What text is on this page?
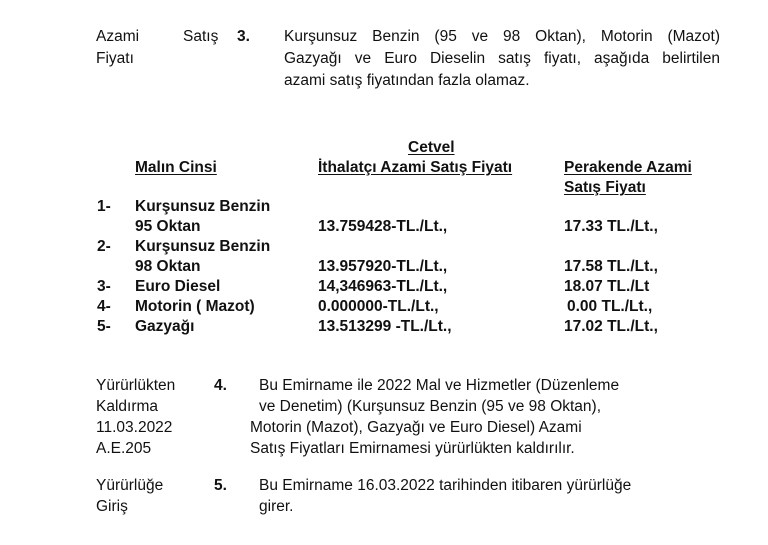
Azami	Satış
Fiyatı
3. Kurşunsuz Benzin (95 ve 98 Oktan), Motorin (Mazot)
Gazyağı ve Euro Dieselin satış fiyatı, aşağıda belirtilen
azami satış fiyatından fazla olamaz.
Cetvel
Malın Cinsi	İthalatçı Azami Satış Fiyatı	Perakende Azami
Satış Fiyatı
1- Kurşunsuz Benzin
95 Oktan	13.759428-TL./Lt.,	17.33 TL./Lt.,
2- Kurşunsuz Benzin
98 Oktan	13.957920-TL./Lt.,	17.58 TL./Lt.,
3- Euro Diesel	14,346963-TL./Lt.,	18.07 TL./Lt
4- Motorin ( Mazot)	0.000000-TL./Lt.,	0.00 TL./Lt.,
5- Gazyağı	13.513299 -TL./Lt.,	17.02 TL./Lt.,
Yürürlükten
Kaldırma
11.03.2022
A.E.205
4. Bu Emirname ile 2022 Mal ve Hizmetler (Düzenleme
ve Denetim) (Kurşunsuz Benzin (95 ve 98 Oktan),
Motorin (Mazot), Gazyağı ve Euro Diesel) Azami
Satış Fiyatları Emirnamesi yürürlükten kaldırılır.
Yürürlüğe
Giriş
5. Bu Emirname 16.03.2022 tarihinden itibaren yürürlüğe
girer.
